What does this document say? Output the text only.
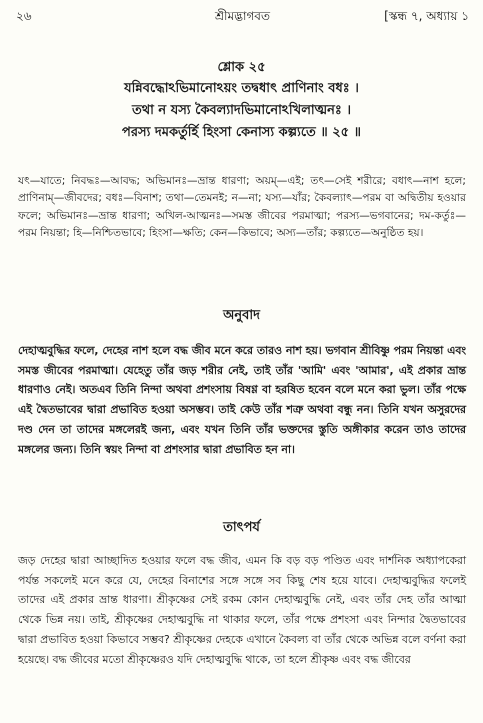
২৬	শ্রীমদ্ভাগবত	[স্কন্ধ ৭, অধ্যায় ১
শ্লোক ২৫
যন্নিবদ্ধোঽভিমানোঽয়ং তদ্বধাৎ প্রাণিনাং বধঃ ।
তথা ন যস্য কৈবল্যাদভিমানোঽখিলাত্মনঃ ।
পরস্য দমকর্তুর্হি হিংসা কেনাস্য কল্প্যতে ॥ ২৫ ॥

যৎ—যাতে; নিবদ্ধঃ—আবদ্ধ; অভিমানঃ—ভ্রান্ত ধারণা; অয়ম্—এই; তৎ—সেই শরীরে; বধাৎ—নাশ হলে; প্রাণিনাম্—জীবদের; বধঃ—বিনাশ; তথা—তেমনই; ন—না; যস্য—যাঁর; কৈবল্যাৎ—পরম বা অদ্বিতীয় হওয়ার ফলে; অভিমানঃ—ভ্রান্ত ধারণা; অখিল-আত্মনঃ—সমস্ত জীবের পরমাত্মা; পরস্য—ভগবানের; দম-কর্তুঃ—পরম নিয়ন্তা; হি—নিশ্চিতভাবে; হিংসা—ক্ষতি; কেন—কিভাবে; অস্য—তাঁর; কল্প্যতে—অনুষ্ঠিত হয়।

অনুবাদ

দেহাত্মবুদ্ধির ফলে, দেহের নাশ হলে বদ্ধ জীব মনে করে তারও নাশ হয়। ভগবান শ্রীবিষ্ণু পরম নিয়ন্তা এবং সমস্ত জীবের পরমাত্মা। যেহেতু তাঁর জড় শরীর নেই, তাই তাঁর 'আমি' এবং 'আমার', এই প্রকার ভ্রান্ত ধারণাও নেই। অতএব তিনি নিন্দা অথবা প্রশংসায় বিষণ্ণ বা হরষিত হবেন বলে মনে করা ভুল। তাঁর পক্ষে এই দ্বৈতভাবের দ্বারা প্রভাবিত হওয়া অসম্ভব। তাই কেউ তাঁর শত্রু অথবা বন্ধু নন। তিনি যখন অসুরদের দণ্ড দেন তা তাদের মঙ্গলেরই জন্য, এবং যখন তিনি তাঁর ভক্তদের স্তুতি অঙ্গীকার করেন তাও তাদের মঙ্গলের জন্য। তিনি স্বয়ং নিন্দা বা প্রশংসার দ্বারা প্রভাবিত হন না।

তাৎপর্য

জড় দেহের দ্বারা আচ্ছাদিত হওয়ার ফলে বদ্ধ জীব, এমন কি বড় বড় পণ্ডিত এবং দার্শনিক অধ্যাপকেরা পর্যন্ত সকলেই মনে করে যে, দেহের বিনাশের সঙ্গে সঙ্গে সব কিছু শেষ হয়ে যাবে। দেহাত্মবুদ্ধির ফলেই তাদের এই প্রকার ভ্রান্ত ধারণা। শ্রীকৃষ্ণের সেই রকম কোন দেহাত্মবুদ্ধি নেই, এবং তাঁর দেহ তাঁর আত্মা থেকে ভিন্ন নয়। তাই, শ্রীকৃষ্ণের দেহাত্মবুদ্ধি না থাকার ফলে, তাঁর পক্ষে প্রশংসা এবং নিন্দার দ্বৈতভাবের দ্বারা প্রভাবিত হওয়া কিভাবে সম্ভব? শ্রীকৃষ্ণের দেহকে এখানে কৈবল্য বা তাঁর থেকে অভিন্ন বলে বর্ণনা করা হয়েছে। বদ্ধ জীবের মতো শ্রীকৃষ্ণেরও যদি দেহাত্মবুদ্ধি থাকে, তা হলে শ্রীকৃষ্ণ এবং বদ্ধ জীবের
